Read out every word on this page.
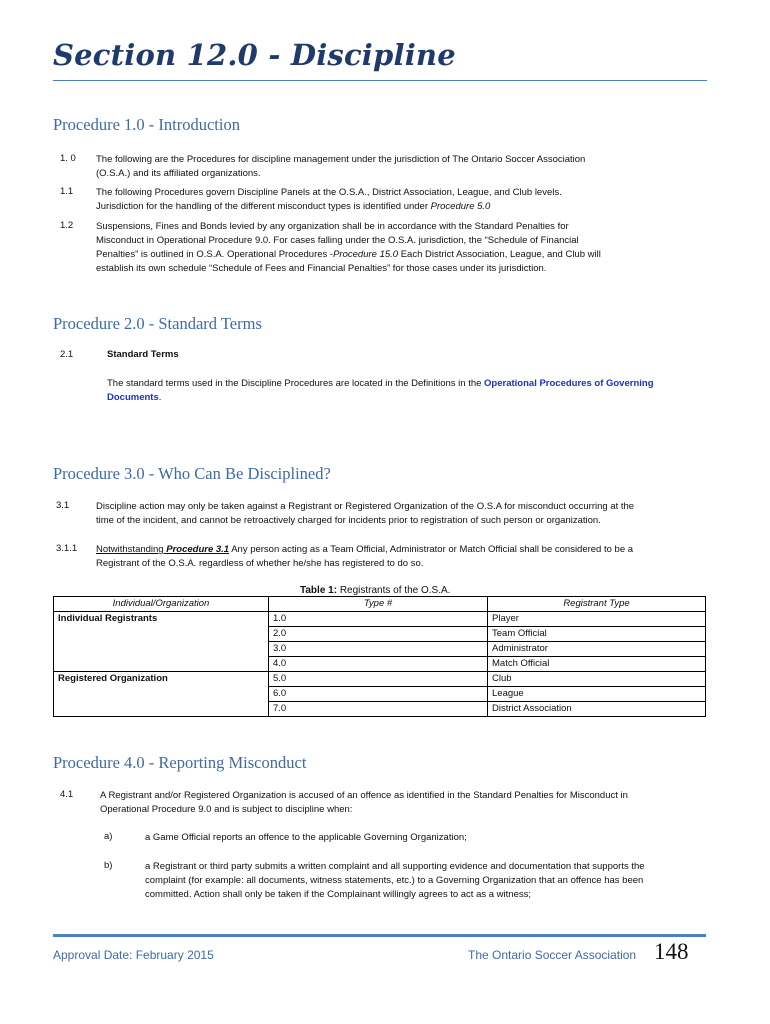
Section 12.0 - Discipline
Procedure 1.0 - Introduction
1. 0 The following are the Procedures for discipline management under the jurisdiction of The Ontario Soccer Association
(O.S.A.) and its affiliated organizations.
1.1 The following Procedures govern Discipline Panels at the O.S.A., District Association, League, and Club levels.
Jurisdiction for the handling of the different misconduct types is identified under Procedure 5.0
1.2 Suspensions, Fines and Bonds levied by any organization shall be in accordance with the Standard Penalties for
Misconduct in Operational Procedure 9.0. For cases falling under the O.S.A. jurisdiction, the “Schedule of Financial
Penalties” is outlined in O.S.A. Operational Procedures -Procedure 15.0 Each District Association, League, and Club will
establish its own schedule “Schedule of Fees and Financial Penalties” for those cases under its jurisdiction.
Procedure 2.0 - Standard Terms
2.1	Standard Terms
The standard terms used in the Discipline Procedures are located in the Definitions in the Operational Procedures of Governing
Documents.
Procedure 3.0 - Who Can Be Disciplined?
3.1	Discipline action may only be taken against a Registrant or Registered Organization of the O.S.A for misconduct occurring at the
time of the incident, and cannot be retroactively charged for incidents prior to registration of such person or organization.
3.1.1 Notwithstanding Procedure 3.1 Any person acting as a Team Official, Administrator or Match Official shall be considered to be a
Registrant of the O.S.A. regardless of whether he/she has registered to do so.
Table 1: Registrants of the O.S.A.
Individual/Organization	Type #	Registrant Type
Individual Registrants	1.0	Player
	2.0	Team Official
	3.0	Administrator
	4.0	Match Official
Registered Organization	5.0	Club
	6.0	League
	7.0	District Association
Procedure 4.0 - Reporting Misconduct
4.1	A Registrant and/or Registered Organization is accused of an offence as identified in the Standard Penalties for Misconduct in
Operational Procedure 9.0 and is subject to discipline when:
a)	a Game Official reports an offence to the applicable Governing Organization;
b)	a Registrant or third party submits a written complaint and all supporting evidence and documentation that supports the
complaint (for example: all documents, witness statements, etc.) to a Governing Organization that an offence has been
committed. Action shall only be taken if the Complainant willingly agrees to act as a witness;
Approval Date: February 2015	The Ontario Soccer Association 148
